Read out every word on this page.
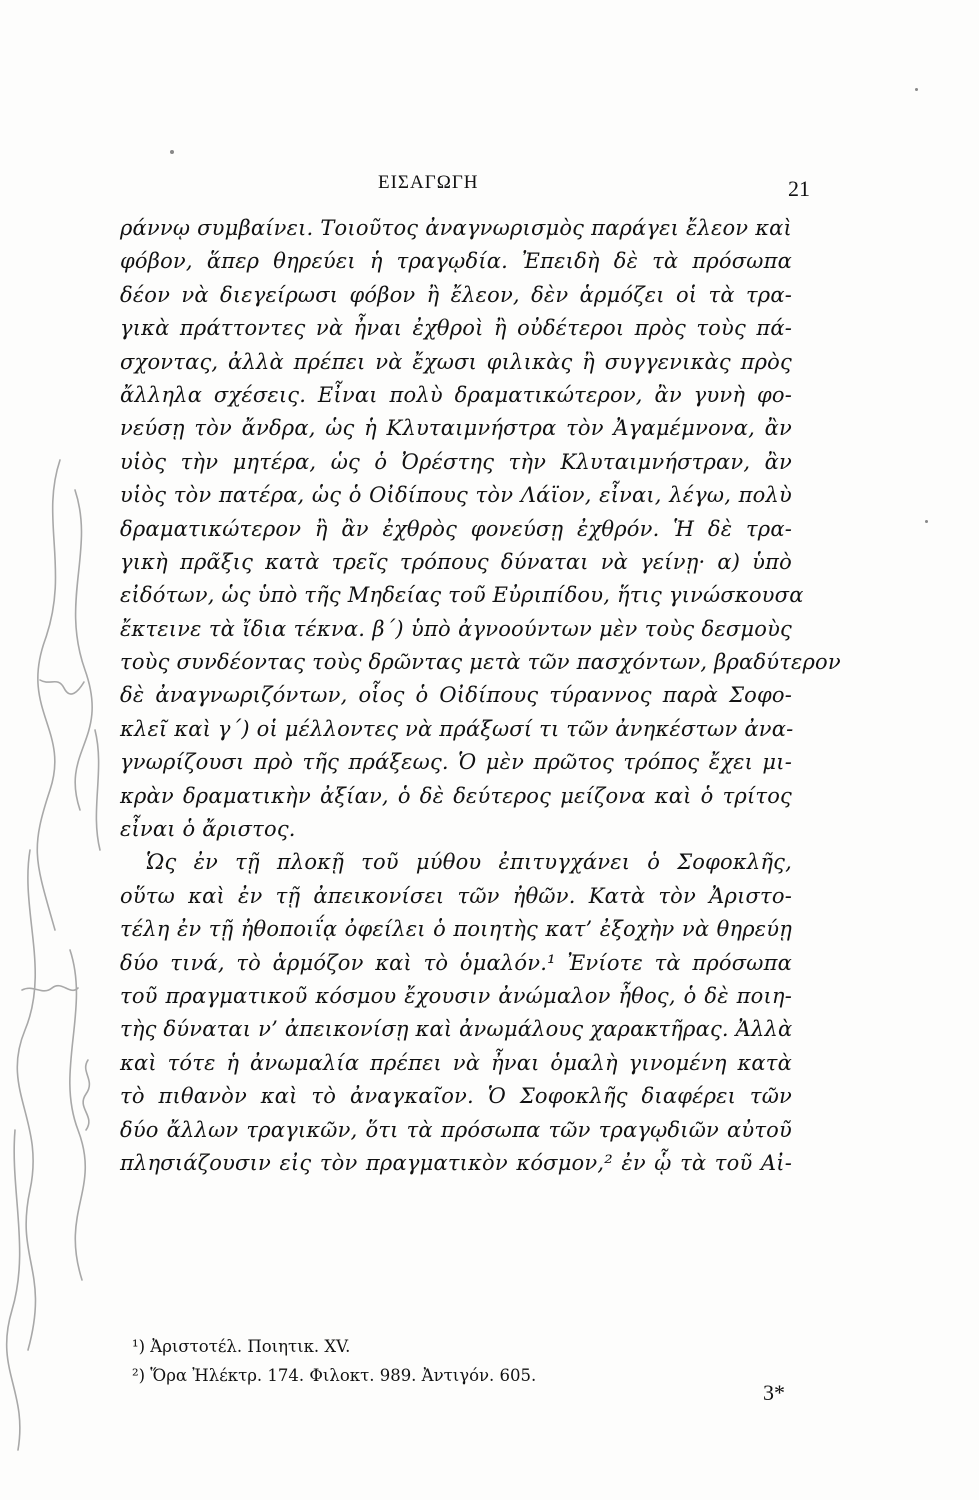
ΕΙΣΑΓΩΓΗ	21
ράννῳ συμβαίνει. Τοιοῦτος ἀναγνωρισμὸς παράγει ἔλεον καὶ
φόβον, ἅπερ θηρεύει ἡ τραγῳδία. Ἐπειδὴ δὲ τὰ πρόσωπα
δέον νὰ διεγείρωσι φόβον ἢ ἔλεον, δὲν ἁρμόζει οἱ τὰ τρα-
γικὰ πράττοντες νὰ ἦναι ἐχθροὶ ἢ οὐδέτεροι πρὸς τοὺς πά-
σχοντας, ἀλλὰ πρέπει νὰ ἔχωσι φιλικὰς ἢ συγγενικὰς πρὸς
ἄλληλα σχέσεις. Εἶναι πολὺ δραματικώτερον, ἂν γυνὴ φο-
νεύσῃ τὸν ἄνδρα, ὡς ἡ Κλυταιμνήστρα τὸν Ἀγαμέμνονα, ἂν
υἱὸς τὴν μητέρα, ὡς ὁ Ὀρέστης τὴν Κλυταιμνήστραν, ἂν
υἱὸς τὸν πατέρα, ὡς ὁ Οἰδίπους τὸν Λάϊον, εἶναι, λέγω, πολὺ
δραματικώτερον ἢ ἂν ἐχθρὸς φονεύσῃ ἐχθρόν. Ἡ δὲ τρα-
γικὴ πρᾶξις κατὰ τρεῖς τρόπους δύναται νὰ γείνῃ· α) ὑπὸ
εἰδότων, ὡς ὑπὸ τῆς Μηδείας τοῦ Εὐριπίδου, ἥτις γινώσκουσα
ἔκτεινε τὰ ἴδια τέκνα. β΄) ὑπὸ ἀγνοούντων μὲν τοὺς δεσμοὺς
τοὺς συνδέοντας τοὺς δρῶντας μετὰ τῶν πασχόντων, βραδύτερον
δὲ ἀναγνωριζόντων, οἷος ὁ Οἰδίπους τύραννος παρὰ Σοφο-
κλεῖ καὶ γ΄) οἱ μέλλοντες νὰ πράξωσί τι τῶν ἀνηκέστων ἀνα-
γνωρίζουσι πρὸ τῆς πράξεως. Ὁ μὲν πρῶτος τρόπος ἔχει μι-
κρὰν δραματικὴν ἀξίαν, ὁ δὲ δεύτερος μείζονα καὶ ὁ τρίτος
εἶναι ὁ ἄριστος.
Ὡς ἐν τῇ πλοκῇ τοῦ μύθου ἐπιτυγχάνει ὁ Σοφοκλῆς,
οὕτω καὶ ἐν τῇ ἀπεικονίσει τῶν ἠθῶν. Κατὰ τὸν Ἀριστο-
τέλη ἐν τῇ ἠθοποιΐᾳ ὀφείλει ὁ ποιητὴς κατ’ ἐξοχὴν νὰ θηρεύῃ
δύο τινά, τὸ ἁρμόζον καὶ τὸ ὁμαλόν.¹ Ἐνίοτε τὰ πρόσωπα
τοῦ πραγματικοῦ κόσμου ἔχουσιν ἀνώμαλον ἦθος, ὁ δὲ ποιη-
τὴς δύναται ν’ ἀπεικονίσῃ καὶ ἀνωμάλους χαρακτῆρας. Ἀλλὰ
καὶ τότε ἡ ἀνωμαλία πρέπει νὰ ἦναι ὁμαλὴ γινομένη κατὰ
τὸ πιθανὸν καὶ τὸ ἀναγκαῖον. Ὁ Σοφοκλῆς διαφέρει τῶν
δύο ἄλλων τραγικῶν, ὅτι τὰ πρόσωπα τῶν τραγῳδιῶν αὐτοῦ
πλησιάζουσιν εἰς τὸν πραγματικὸν κόσμον,² ἐν ᾧ τὰ τοῦ Αἰ-
¹) Ἀριστοτέλ. Ποιητικ. XV.
²) Ὅρα Ἠλέκτρ. 174. Φιλοκτ. 989. Ἀντιγόν. 605.
3*
